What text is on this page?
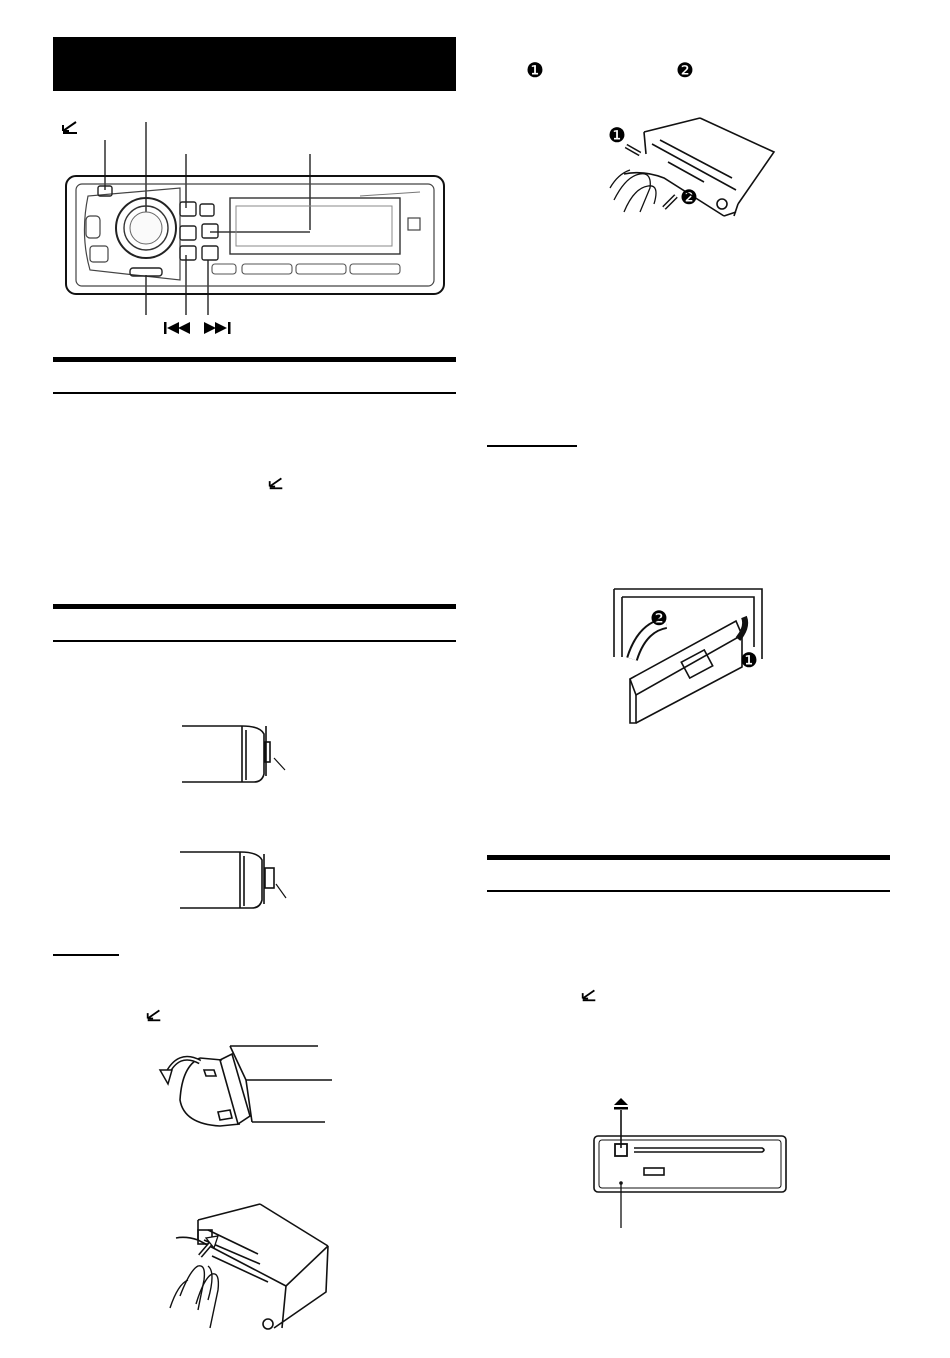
❶	❷
❶
❷
❷
❶
